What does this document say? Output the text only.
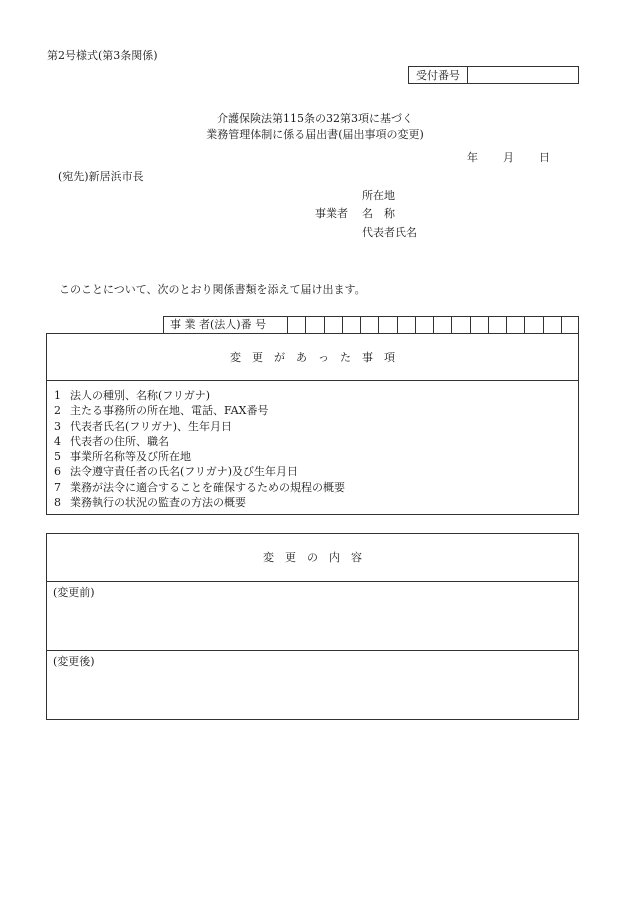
第2号様式(第3条関係)
受付番号
介護保険法第115条の32第3項に基づく
業務管理体制に係る届出書(届出事項の変更)
年 月 日
(宛先)新居浜市長
所在地
事業者 名　称
代表者氏名
このことについて、次のとおり関係書類を添えて届け出ます。
事 業 者(法人)番 号
変　更　が　あ　っ　た　事　項
1 法人の種別、名称(フリガナ)
2 主たる事務所の所在地、電話、FAX番号
3 代表者氏名(フリガナ)、生年月日
4 代表者の住所、職名
5 事業所名称等及び所在地
6 法令遵守責任者の氏名(フリガナ)及び生年月日
7 業務が法令に適合することを確保するための規程の概要
8 業務執行の状況の監査の方法の概要
変　更　の　内　容
(変更前)
(変更後)
